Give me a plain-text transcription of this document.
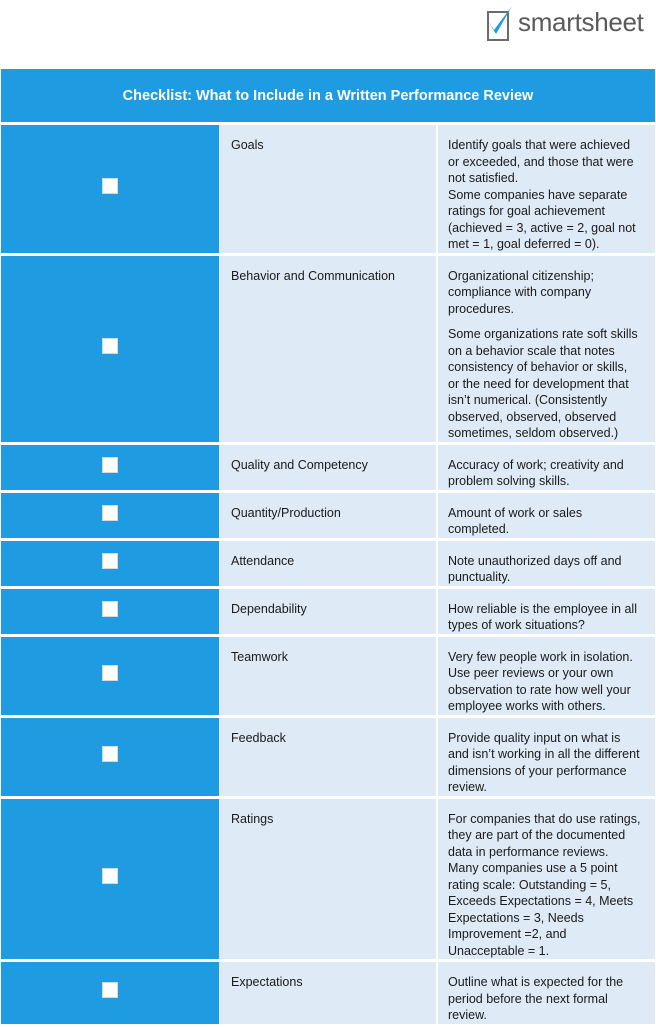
smartsheet
Checklist: What to Include in a Written Performance Review		
	Goals	Identify goals that were achieved or exceeded, and those that were not satisfied.

Some companies have separate ratings for goal achievement (achieved = 3, active = 2, goal not met = 1, goal deferred = 0).

	Behavior and Communication	Organizational citizenship; compliance with company procedures.

Some organizations rate soft skills on a behavior scale that notes consistency of behavior or skills, or the need for development that isn’t numerical. (Consistently observed, observed, observed sometimes, seldom observed.)

	Quality and Competency	Accuracy of work; creativity and problem solving skills.

	Quantity/Production	Amount of work or sales completed.

	Attendance	Note unauthorized days off and punctuality.

	Dependability	How reliable is the employee in all types of work situations?

	Teamwork	Very few people work in isolation. Use peer reviews or your own observation to rate how well your employee works with others.

	Feedback	Provide quality input on what is and isn’t working in all the different dimensions of your performance review.

	Ratings	For companies that do use ratings, they are part of the documented data in performance reviews. Many companies use a 5 point rating scale: Outstanding = 5, Exceeds Expectations = 4, Meets Expectations = 3, Needs Improvement =2, and Unacceptable = 1.

	Expectations	Outline what is expected for the period before the next formal review.
